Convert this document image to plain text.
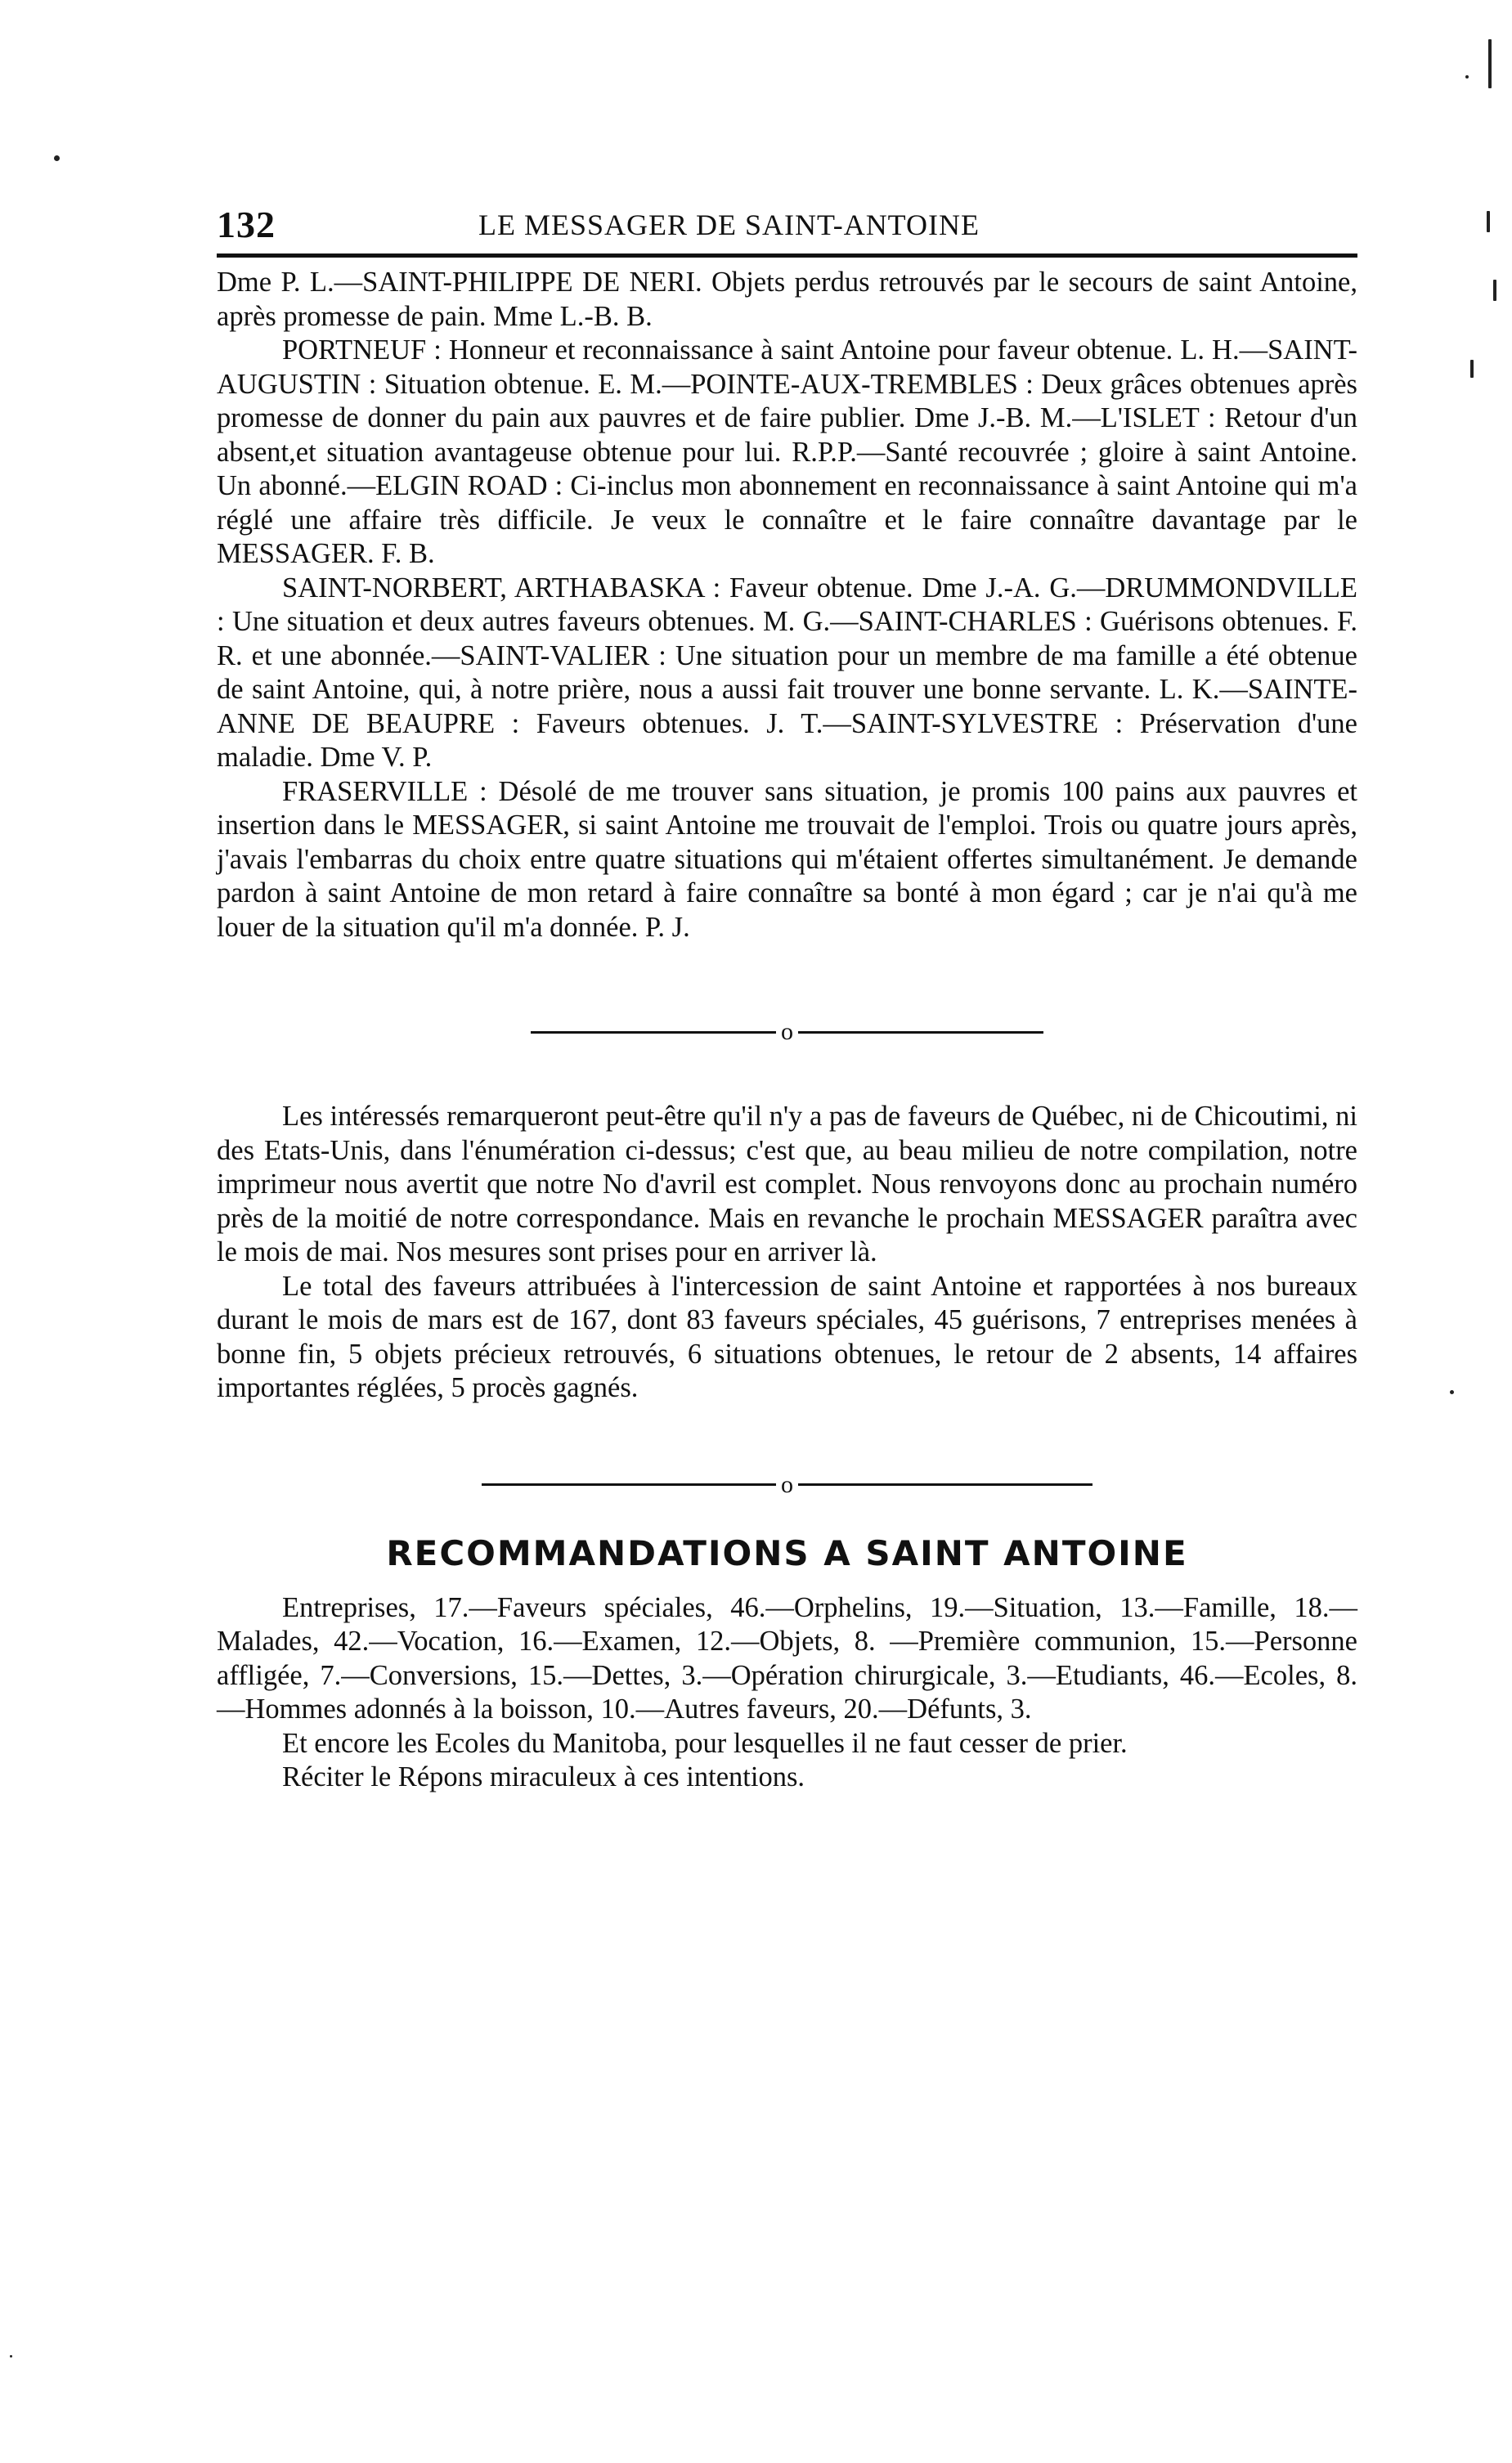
132	LE MESSAGER DE SAINT-ANTOINE

Dme P. L.—SAINT-PHILIPPE DE NERI. Objets perdus retrouvés par le secours de saint Antoine, après promesse de pain. Mme L.-B. B.

PORTNEUF : Honneur et reconnaissance à saint Antoine pour faveur obtenue. L. H.—SAINT-AUGUSTIN : Situation obtenue. E. M.—POINTE-AUX-TREMBLES : Deux grâces obtenues après promesse de donner du pain aux pauvres et de faire publier. Dme J.-B. M.—L'ISLET : Retour d'un absent,et situation avantageuse obtenue pour lui. R.P.P.—Santé recouvrée ; gloire à saint Antoine. Un abonné.—ELGIN ROAD : Ci-inclus mon abonnement en reconnaissance à saint Antoine qui m'a réglé une affaire très difficile. Je veux le connaître et le faire connaître davantage par le MESSAGER. F. B.

SAINT-NORBERT, ARTHABASKA : Faveur obtenue. Dme J.-A. G.—DRUMMONDVILLE : Une situation et deux autres faveurs obtenues. M. G.—SAINT-CHARLES : Guérisons obtenues. F. R. et une abonnée.—SAINT-VALIER : Une situation pour un membre de ma famille a été obtenue de saint Antoine, qui, à notre prière, nous a aussi fait trouver une bonne servante. L. K.—SAINTE-ANNE DE BEAUPRE : Faveurs obtenues. J. T.—SAINT-SYLVESTRE : Préservation d'une maladie. Dme V. P.

FRASERVILLE : Désolé de me trouver sans situation, je promis 100 pains aux pauvres et insertion dans le MESSAGER, si saint Antoine me trouvait de l'emploi. Trois ou quatre jours après, j'avais l'embarras du choix entre quatre situations qui m'étaient offertes simultanément. Je demande pardon à saint Antoine de mon retard à faire connaître sa bonté à mon égard ; car je n'ai qu'à me louer de la situation qu'il m'a donnée. P. J.

o

Les intéressés remarqueront peut-être qu'il n'y a pas de faveurs de Québec, ni de Chicoutimi, ni des Etats-Unis, dans l'énumération ci-dessus; c'est que, au beau milieu de notre compilation, notre imprimeur nous avertit que notre No d'avril est complet. Nous renvoyons donc au prochain numéro près de la moitié de notre correspondance. Mais en revanche le prochain MESSAGER paraîtra avec le mois de mai. Nos mesures sont prises pour en arriver là.

Le total des faveurs attribuées à l'intercession de saint Antoine et rapportées à nos bureaux durant le mois de mars est de 167, dont 83 faveurs spéciales, 45 guérisons, 7 entreprises menées à bonne fin, 5 objets précieux retrouvés, 6 situations obtenues, le retour de 2 absents, 14 affaires importantes réglées, 5 procès gagnés.

o
RECOMMANDATIONS A SAINT ANTOINE

Entreprises, 17.—Faveurs spéciales, 46.—Orphelins, 19.—Situation, 13.—Famille, 18.—Malades, 42.—Vocation, 16.—Examen, 12.—Objets, 8. —Première communion, 15.—Personne affligée, 7.—Conversions, 15.—Dettes, 3.—Opération chirurgicale, 3.—Etudiants, 46.—Ecoles, 8.—Hommes adonnés à la boisson, 10.—Autres faveurs, 20.—Défunts, 3.

Et encore les Ecoles du Manitoba, pour lesquelles il ne faut cesser de prier.

Réciter le Répons miraculeux à ces intentions.
